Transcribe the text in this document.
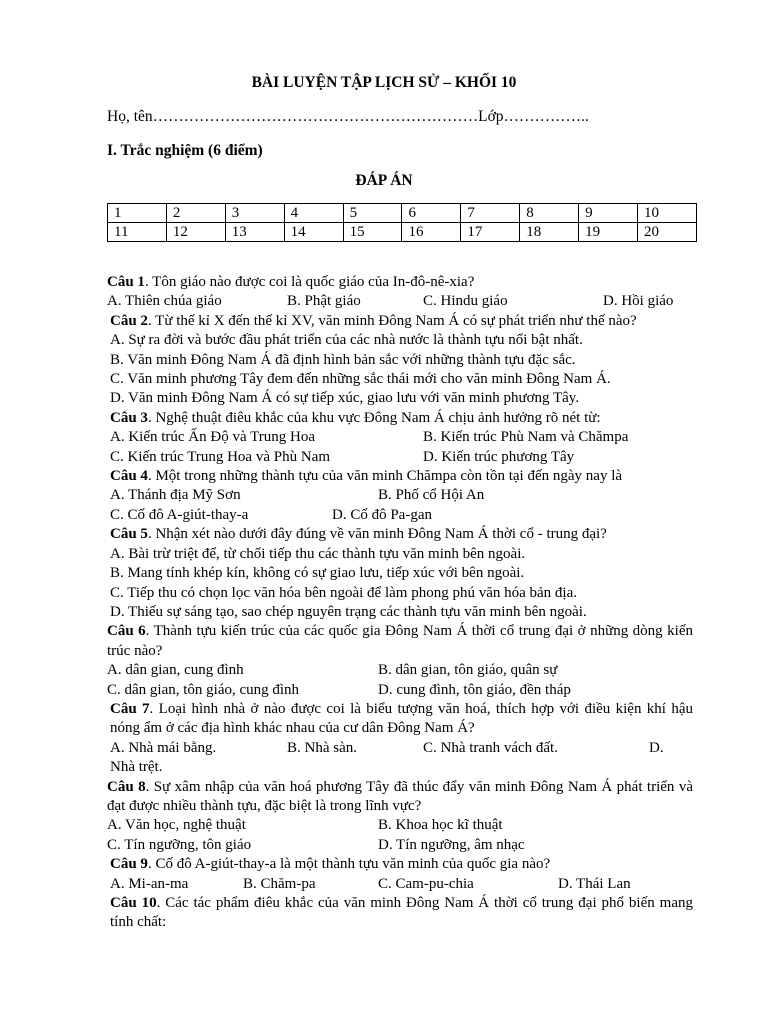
BÀI LUYỆN TẬP LỊCH SỬ – KHỐI 10
Họ, tên………………………………………………………Lớp……………..
I. Trắc nghiệm (6 điểm)
ĐÁP ÁN
1	2	3	4	5	6	7	8	9	10
11	12	13	14	15	16	17	18	19	20

Câu 1. Tôn giáo nào được coi là quốc giáo của In-đô-nê-xia?

A. Thiên chúa giáo	B. Phật giáo	C. Hindu giáo	D. Hồi giáo

Câu 2. Từ thế kỉ X đến thế kỉ XV, văn minh Đông Nam Á có sự phát triển như thế nào?

A. Sự ra đời và bước đầu phát triển của các nhà nước là thành tựu nổi bật nhất.

B. Văn minh Đông Nam Á đã định hình bản sắc với những thành tựu đặc sắc.

C. Văn minh phương Tây đem đến những sắc thái mới cho văn minh Đông Nam Á.

D. Văn minh Đông Nam Á có sự tiếp xúc, giao lưu với văn minh phương Tây.

Câu 3. Nghệ thuật điêu khắc của khu vực Đông Nam Á chịu ảnh hưởng rõ nét từ:

A. Kiến trúc Ấn Độ và Trung Hoa	B. Kiến trúc Phù Nam và Chămpa
C. Kiến trúc Trung Hoa và Phù Nam	D. Kiến trúc phương Tây

Câu 4. Một trong những thành tựu của văn minh Chămpa còn tồn tại đến ngày nay là

A. Thánh địa Mỹ Sơn	B. Phố cổ Hội An
C. Cố đô A-giút-thay-a	D. Cố đô Pa-gan

Câu 5. Nhận xét nào dưới đây đúng về văn minh Đông Nam Á thời cổ - trung đại?

A. Bài trừ triệt để, từ chối tiếp thu các thành tựu văn minh bên ngoài.

B. Mang tính khép kín, không có sự giao lưu, tiếp xúc với bên ngoài.

C. Tiếp thu có chọn lọc văn hóa bên ngoài để làm phong phú văn hóa bản địa.

D. Thiếu sự sáng tạo, sao chép nguyên trạng các thành tựu văn minh bên ngoài.

Câu 6. Thành tựu kiến trúc của các quốc gia Đông Nam Á thời cổ trung đại ở những dòng kiến trúc nào?

A. dân gian, cung đình	B. dân gian, tôn giáo, quân sự
C. dân gian, tôn giáo, cung đình	D. cung đình, tôn giáo, đền tháp

Câu 7. Loại hình nhà ở nào được coi là biểu tượng văn hoá, thích hợp với điều kiện khí hậu nóng ẩm ở các địa hình khác nhau của cư dân Đông Nam Á?

A. Nhà mái bằng.	B. Nhà sàn.	C. Nhà tranh vách đất.	D.

Nhà trệt.

Câu 8. Sự xâm nhập của văn hoá phương Tây đã thúc đẩy văn minh Đông Nam Á phát triển và đạt được nhiều thành tựu, đặc biệt là trong lĩnh vực?

A. Văn học, nghệ thuật	B. Khoa học kĩ thuật
C. Tín ngưỡng, tôn giáo	D. Tín ngưỡng, âm nhạc

Câu 9. Cố đô A-giút-thay-a là một thành tựu văn minh của quốc gia nào?

A. Mi-an-ma	B. Chăm-pa	C. Cam-pu-chia	D. Thái Lan

Câu 10. Các tác phẩm điêu khắc của văn minh Đông Nam Á thời cổ trung đại phổ biến mang tính chất:
